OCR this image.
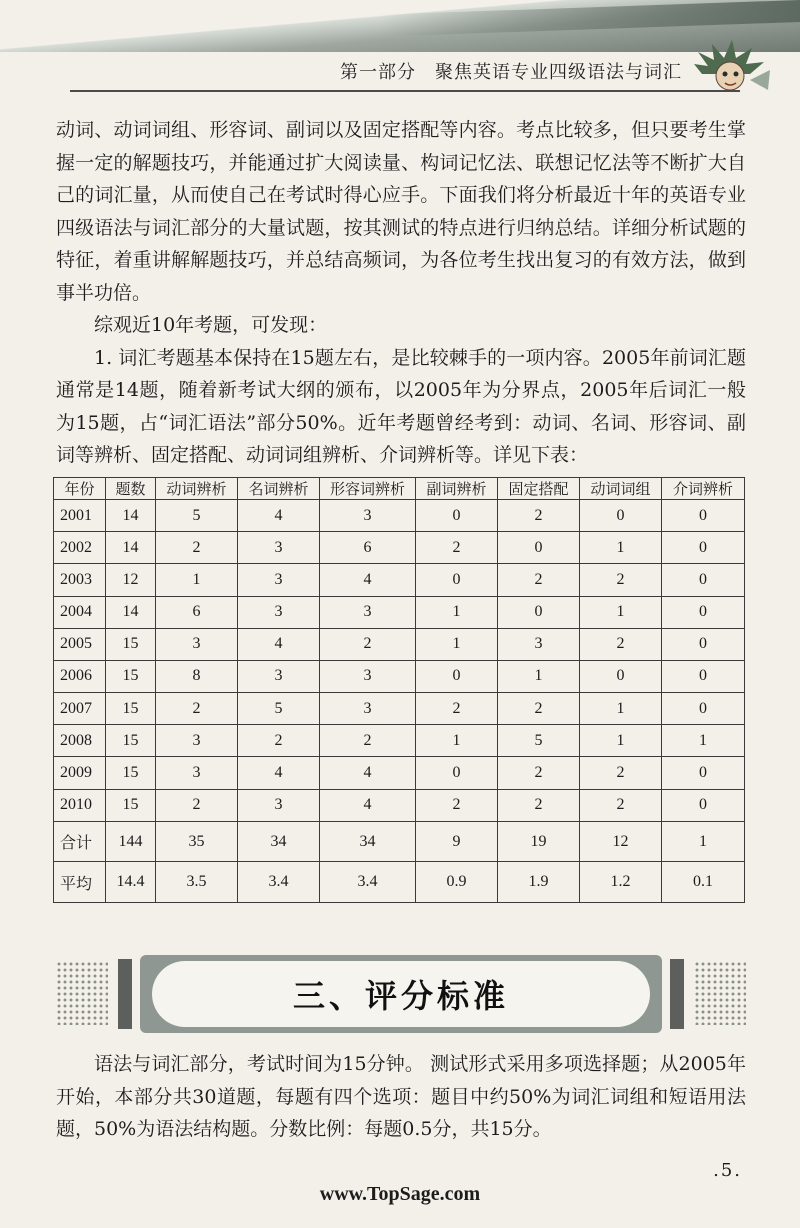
第一部分　聚焦英语专业四级语法与词汇

动词、动词词组、形容词、副词以及固定搭配等内容。考点比较多，但只要考生掌握一定的解题技巧，并能通过扩大阅读量、构词记忆法、联想记忆法等不断扩大自己的词汇量，从而使自己在考试时得心应手。下面我们将分析最近十年的英语专业四级语法与词汇部分的大量试题，按其测试的特点进行归纳总结。详细分析试题的特征，着重讲解解题技巧，并总结高频词，为各位考生找出复习的有效方法，做到事半功倍。

综观近10年考题，可发现：

1. 词汇考题基本保持在15题左右，是比较棘手的一项内容。2005年前词汇题通常是14题，随着新考试大纲的颁布，以2005年为分界点，2005年后词汇一般为15题，占“词汇语法”部分50%。近年考题曾经考到：动词、名词、形容词、副词等辨析、固定搭配、动词词组辨析、介词辨析等。详见下表：

年份	题数	动词辨析	名词辨析	形容词辨析	副词辨析	固定搭配	动词词组	介词辨析
2001	14	5	4	3	0	2	0	0
2002	14	2	3	6	2	0	1	0
2003	12	1	3	4	0	2	2	0
2004	14	6	3	3	1	0	1	0
2005	15	3	4	2	1	3	2	0
2006	15	8	3	3	0	1	0	0
2007	15	2	5	3	2	2	1	0
2008	15	3	2	2	1	5	1	1
2009	15	3	4	4	0	2	2	0
2010	15	2	3	4	2	2	2	0
合计	144	35	34	34	9	19	12	1
平均	14.4	3.5	3.4	3.4	0.9	1.9	1.2	0.1
三、评分标准

语法与词汇部分，考试时间为15分钟。 测试形式采用多项选择题；从2005年开始，本部分共30道题，每题有四个选项：题目中约50%为词汇词组和短语用法题，50%为语法结构题。分数比例：每题0.5分，共15分。

.5.
www.TopSage.com
